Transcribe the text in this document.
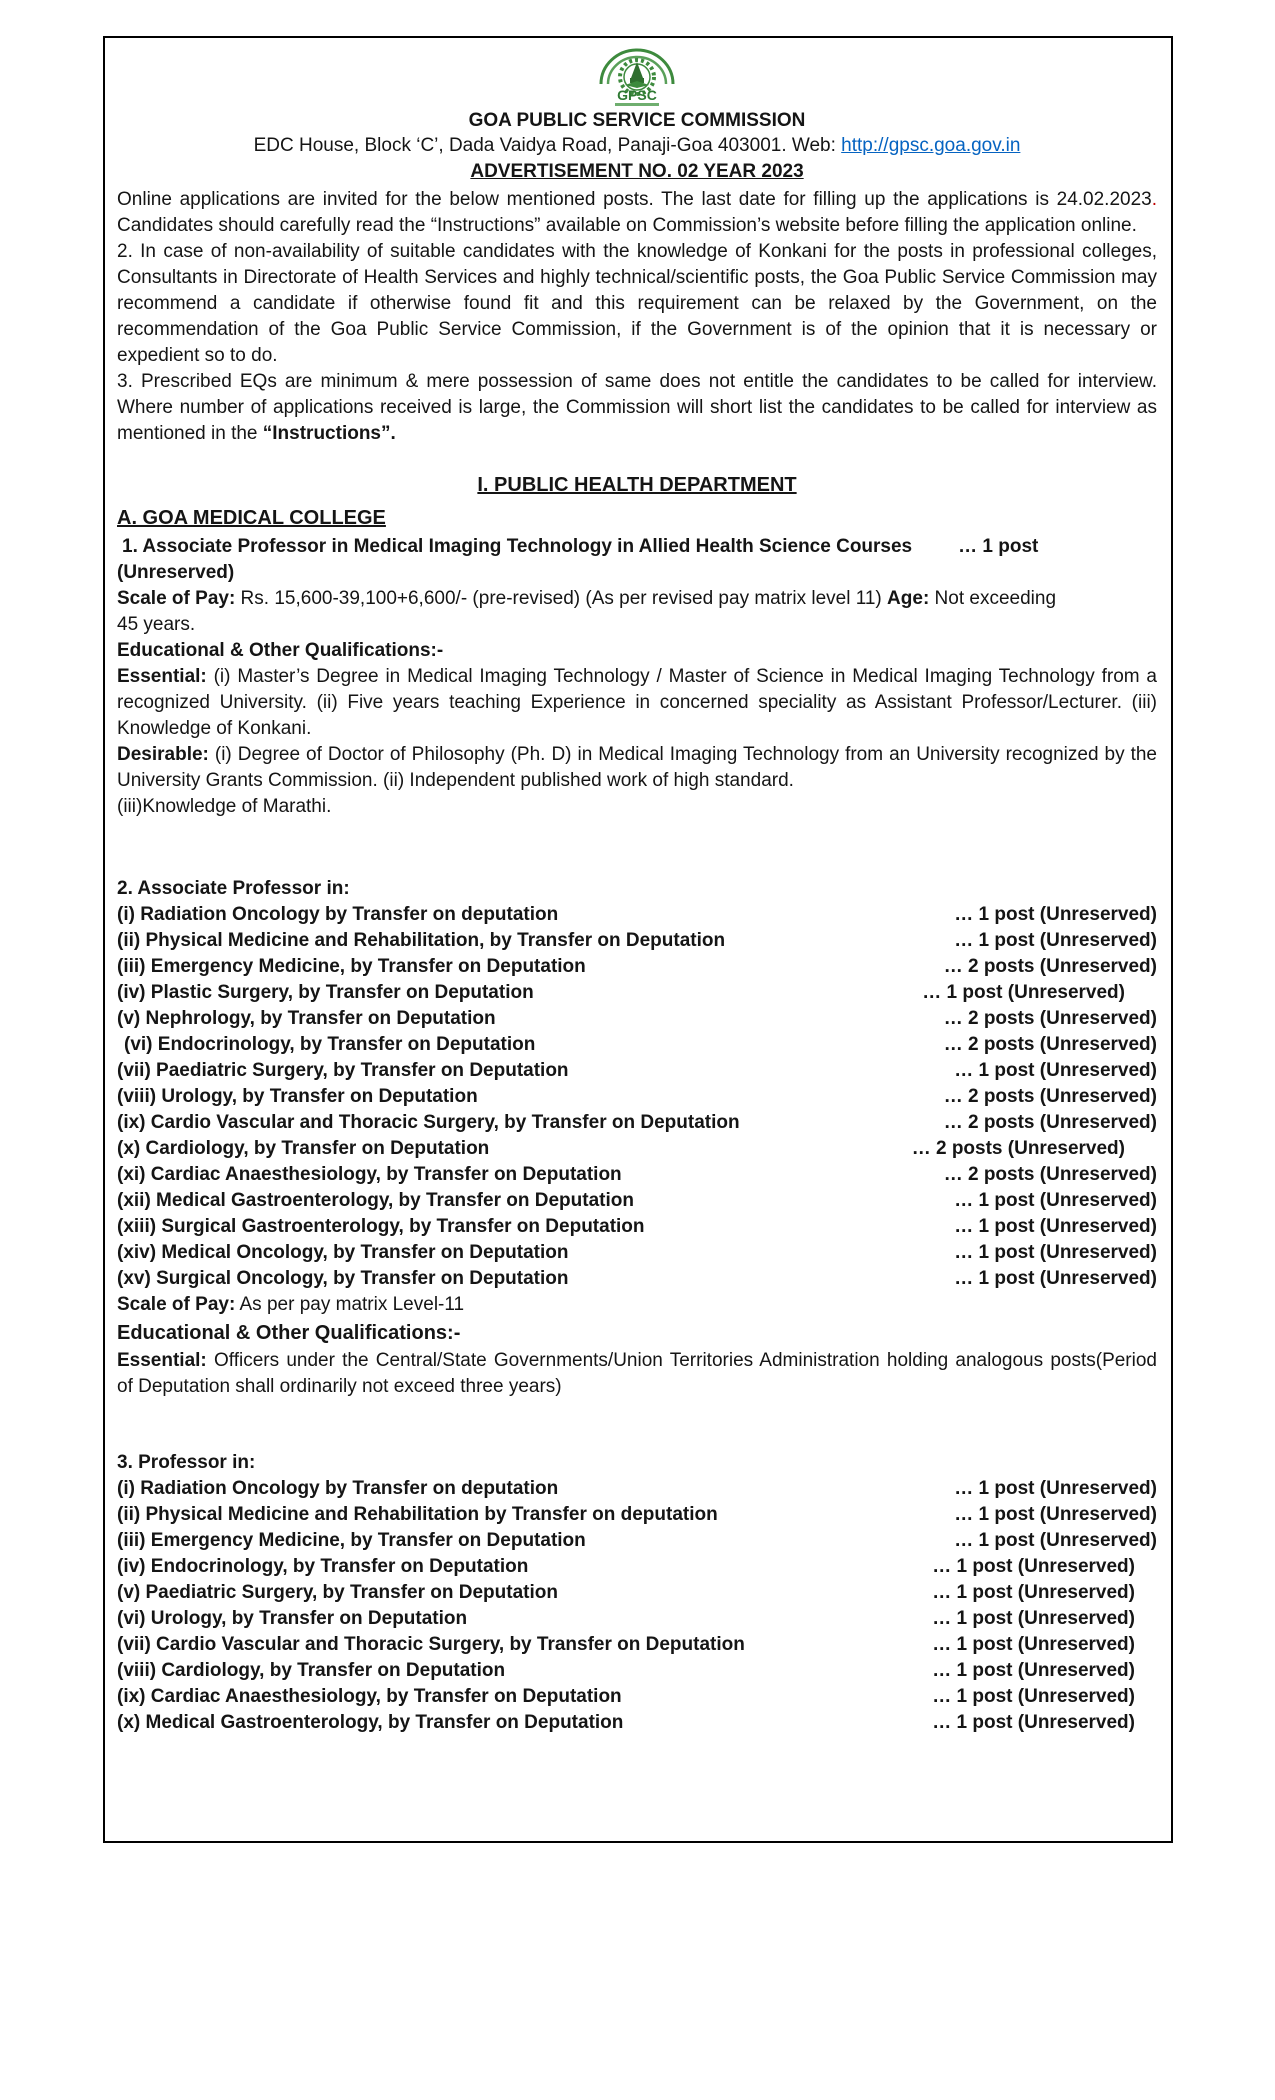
GPSC

GOA PUBLIC SERVICE COMMISSION

EDC House, Block ‘C’, Dada Vaidya Road, Panaji-Goa 403001. Web: http://gpsc.goa.gov.in

ADVERTISEMENT NO. 02 YEAR 2023

Online applications are invited for the below mentioned posts. The last date for filling up the applications is 24.02.2023. Candidates should carefully read the “Instructions” available on Commission’s website before filling the application online.

2. In case of non-availability of suitable candidates with the knowledge of Konkani for the posts in professional colleges, Consultants in Directorate of Health Services and highly technical/scientific posts, the Goa Public Service Commission may recommend a candidate if otherwise found fit and this requirement can be relaxed by the Government, on the recommendation of the Goa Public Service Commission, if the Government is of the opinion that it is necessary or expedient so to do.

3. Prescribed EQs are minimum & mere possession of same does not entitle the candidates to be called for interview. Where number of applications received is large, the Commission will short list the candidates to be called for interview as mentioned in the “Instructions”.

I. PUBLIC HEALTH DEPARTMENT
A. GOA MEDICAL COLLEGE

1. Associate Professor in Medical Imaging Technology in Allied Health Science Courses … 1 post

(Unreserved)

Scale of Pay: Rs. 15,600-39,100+6,600/- (pre-revised) (As per revised pay matrix level 11) Age: Not exceeding

45 years.

Educational & Other Qualifications:-

Essential: (i) Master’s Degree in Medical Imaging Technology / Master of Science in Medical Imaging Technology from a recognized University. (ii) Five years teaching Experience in concerned speciality as Assistant Professor/Lecturer. (iii) Knowledge of Konkani.

Desirable: (i) Degree of Doctor of Philosophy (Ph. D) in Medical Imaging Technology from an University recognized by the University Grants Commission. (ii) Independent published work of high standard.

(iii)Knowledge of Marathi.

2. Associate Professor in:

(i) Radiation Oncology by Transfer on deputation	… 1 post (Unreserved)
(ii) Physical Medicine and Rehabilitation, by Transfer on Deputation	… 1 post (Unreserved)
(iii) Emergency Medicine, by Transfer on Deputation	… 2 posts (Unreserved)
(iv) Plastic Surgery, by Transfer on Deputation	… 1 post (Unreserved)
(v) Nephrology, by Transfer on Deputation	… 2 posts (Unreserved)
(vi) Endocrinology, by Transfer on Deputation	… 2 posts (Unreserved)
(vii) Paediatric Surgery, by Transfer on Deputation	… 1 post (Unreserved)
(viii) Urology, by Transfer on Deputation	… 2 posts (Unreserved)
(ix) Cardio Vascular and Thoracic Surgery, by Transfer on Deputation	… 2 posts (Unreserved)
(x) Cardiology, by Transfer on Deputation	… 2 posts (Unreserved)
(xi) Cardiac Anaesthesiology, by Transfer on Deputation	… 2 posts (Unreserved)
(xii) Medical Gastroenterology, by Transfer on Deputation	… 1 post (Unreserved)
(xiii) Surgical Gastroenterology, by Transfer on Deputation	… 1 post (Unreserved)
(xiv) Medical Oncology, by Transfer on Deputation	… 1 post (Unreserved)
(xv) Surgical Oncology, by Transfer on Deputation	… 1 post (Unreserved)

Scale of Pay: As per pay matrix Level-11

Educational & Other Qualifications:-

Essential: Officers under the Central/State Governments/Union Territories Administration holding analogous posts(Period of Deputation shall ordinarily not exceed three years)

3. Professor in:

(i) Radiation Oncology by Transfer on deputation	… 1 post (Unreserved)
(ii) Physical Medicine and Rehabilitation by Transfer on deputation	… 1 post (Unreserved)
(iii) Emergency Medicine, by Transfer on Deputation	… 1 post (Unreserved)
(iv) Endocrinology, by Transfer on Deputation	… 1 post (Unreserved)
(v) Paediatric Surgery, by Transfer on Deputation	… 1 post (Unreserved)
(vi) Urology, by Transfer on Deputation	… 1 post (Unreserved)
(vii) Cardio Vascular and Thoracic Surgery, by Transfer on Deputation	… 1 post (Unreserved)
(viii) Cardiology, by Transfer on Deputation	… 1 post (Unreserved)
(ix) Cardiac Anaesthesiology, by Transfer on Deputation	… 1 post (Unreserved)
(x) Medical Gastroenterology, by Transfer on Deputation	… 1 post (Unreserved)
